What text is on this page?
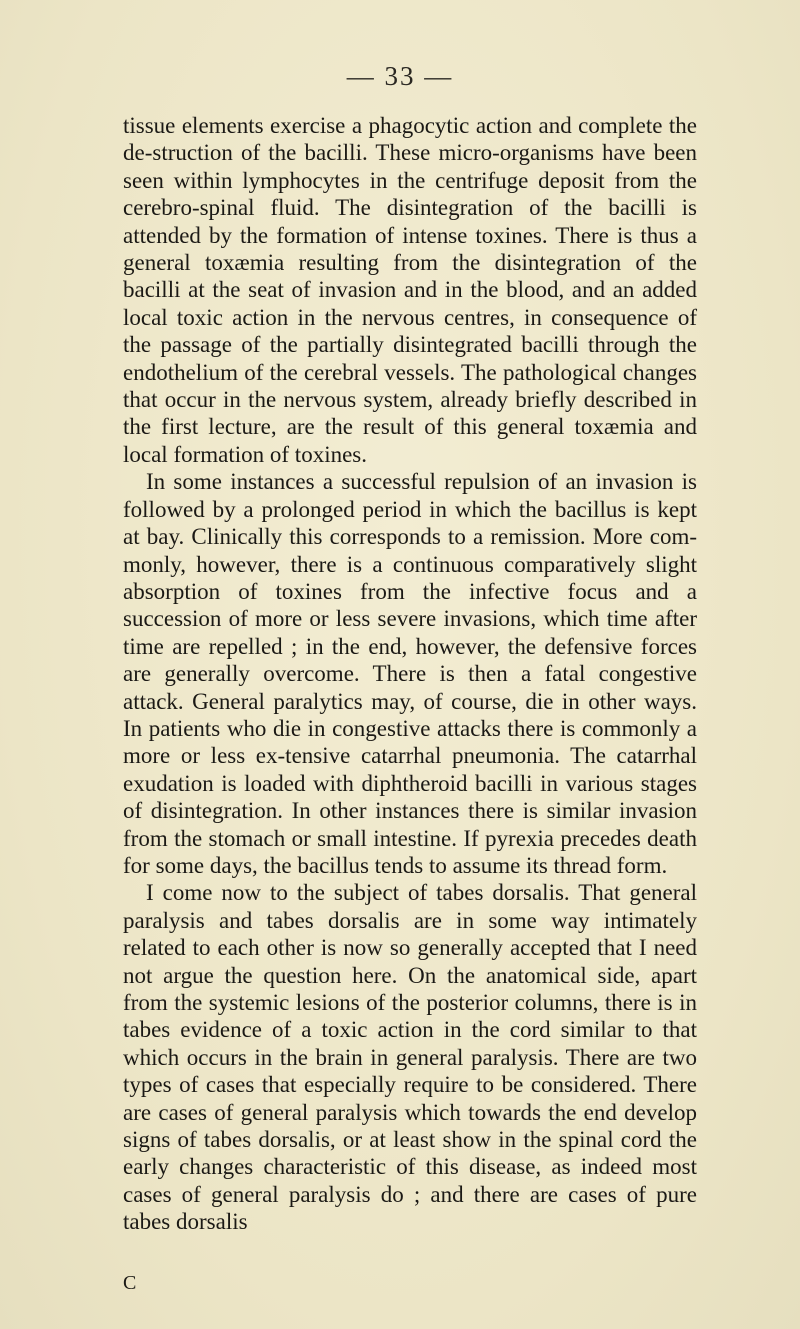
— 33 —

tissue elements exercise a phagocytic action and complete the de-struction of the bacilli. These micro-organisms have been seen within lymphocytes in the centrifuge deposit from the cerebro-spinal fluid. The disintegration of the bacilli is attended by the formation of intense toxines. There is thus a general toxæmia resulting from the disintegration of the bacilli at the seat of invasion and in the blood, and an added local toxic action in the nervous centres, in consequence of the passage of the partially disintegrated bacilli through the endothelium of the cerebral vessels. The pathological changes that occur in the nervous system, already briefly described in the first lecture, are the result of this general toxæmia and local formation of toxines.

In some instances a successful repulsion of an invasion is followed by a prolonged period in which the bacillus is kept at bay. Clinically this corresponds to a remission. More com-monly, however, there is a continuous comparatively slight absorption of toxines from the infective focus and a succession of more or less severe invasions, which time after time are repelled ; in the end, however, the defensive forces are generally overcome. There is then a fatal congestive attack. General paralytics may, of course, die in other ways. In patients who die in congestive attacks there is commonly a more or less ex-tensive catarrhal pneumonia. The catarrhal exudation is loaded with diphtheroid bacilli in various stages of disintegration. In other instances there is similar invasion from the stomach or small intestine. If pyrexia precedes death for some days, the bacillus tends to assume its thread form.

I come now to the subject of tabes dorsalis. That general paralysis and tabes dorsalis are in some way intimately related to each other is now so generally accepted that I need not argue the question here. On the anatomical side, apart from the systemic lesions of the posterior columns, there is in tabes evidence of a toxic action in the cord similar to that which occurs in the brain in general paralysis. There are two types of cases that especially require to be considered. There are cases of general paralysis which towards the end develop signs of tabes dorsalis, or at least show in the spinal cord the early changes characteristic of this disease, as indeed most cases of general paralysis do ; and there are cases of pure tabes dorsalis

C
